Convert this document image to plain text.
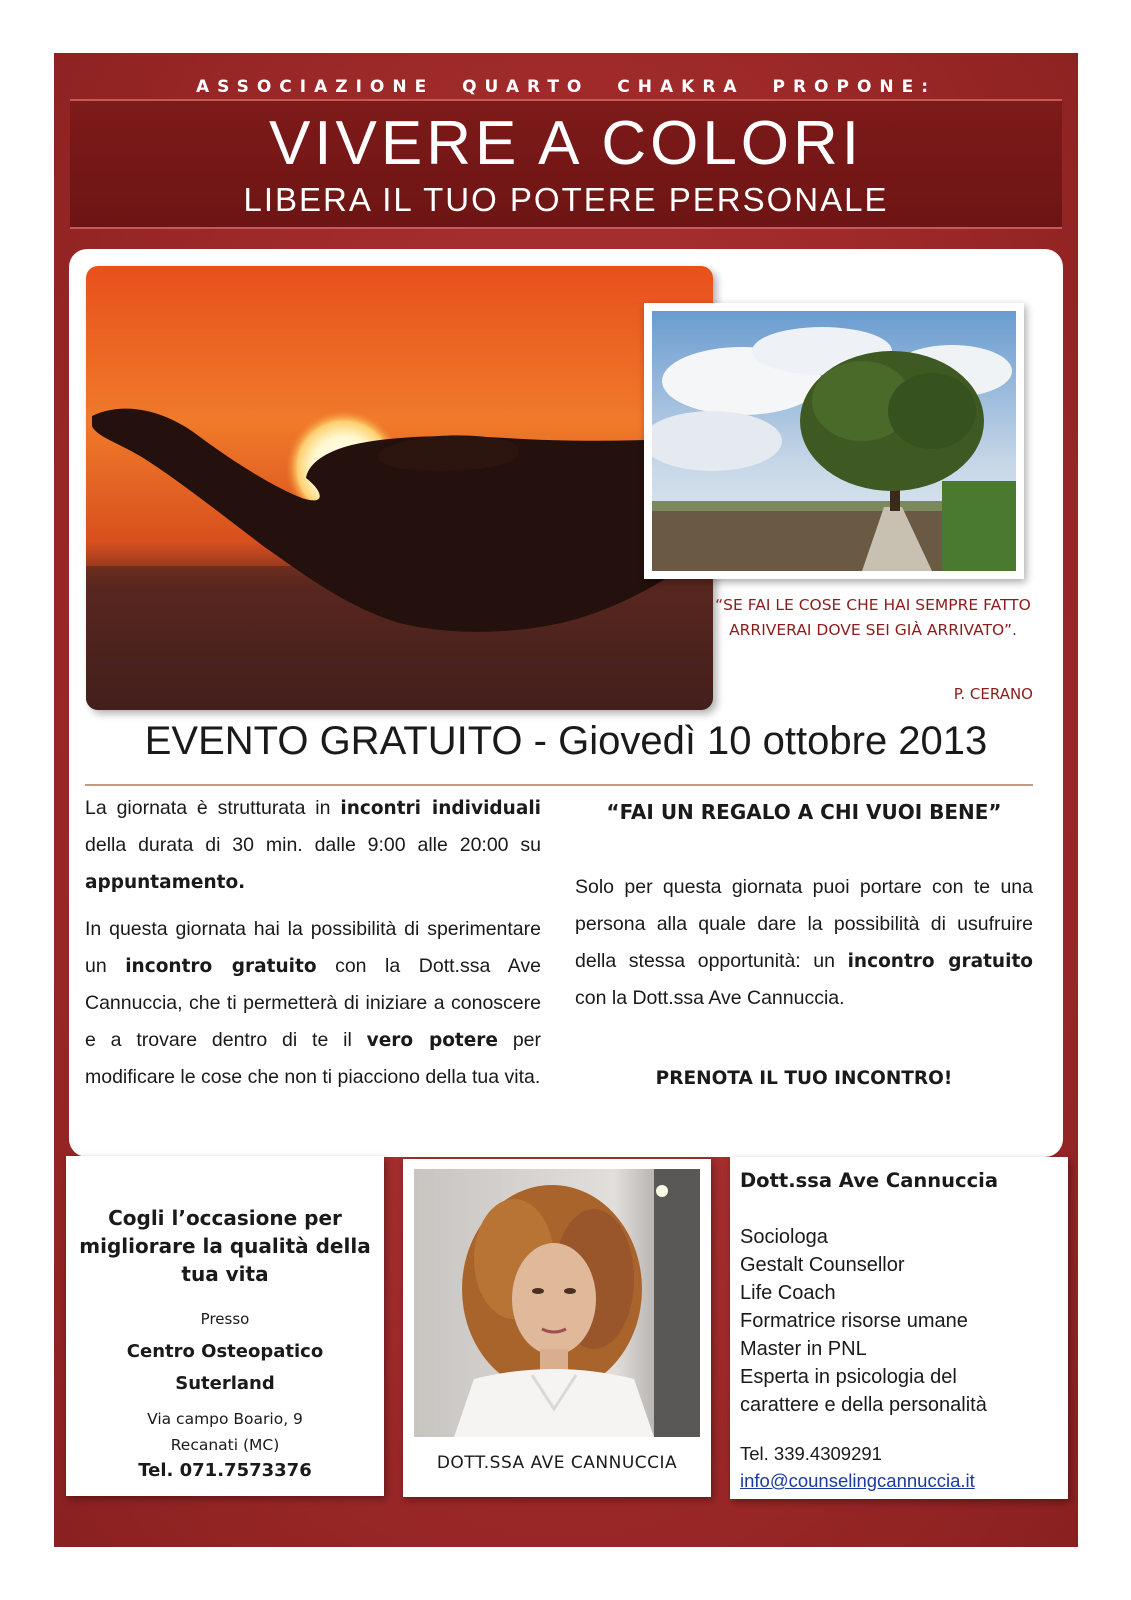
ASSOCIAZIONE QUARTO CHAKRA PROPONE:
VIVERE A COLORI
LIBERA IL TUO POTERE PERSONALE
“SE FAI LE COSE CHE HAI SEMPRE FATTO ARRIVERAI DOVE SEI GIÀ ARRIVATO”.
P. CERANO
EVENTO GRATUITO - Giovedì 10 ottobre 2013

La giornata è strutturata in incontri individuali della durata di 30 min. dalle 9:00 alle 20:00 su appuntamento.

In questa giornata hai la possibilità di sperimentare un incontro gratuito con la Dott.ssa Ave Cannuccia, che ti permetterà di iniziare a conoscere e a trovare dentro di te il vero potere per modificare le cose che non ti piacciono della tua vita.

“FAI UN REGALO A CHI VUOI BENE”

Solo per questa giornata puoi portare con te una persona alla quale dare la possibilità di usufruire della stessa opportunità: un incontro gratuito con la Dott.ssa Ave Cannuccia.

PRENOTA IL TUO INCONTRO!
Cogli l’occasione per migliorare la qualità della tua vita
Presso
Centro Osteopatico
Suterland
Via campo Boario, 9
Recanati (MC)
Tel. 071.7573376	DOTT.SSA AVE CANNUCCIA
Dott.ssa Ave Cannuccia
Sociologa
Gestalt Counsellor
Life Coach
Formatrice risorse umane
Master in PNL
Esperta in psicologia del
carattere e della personalità
Tel. 339.4309291
info@counselingcannuccia.it
